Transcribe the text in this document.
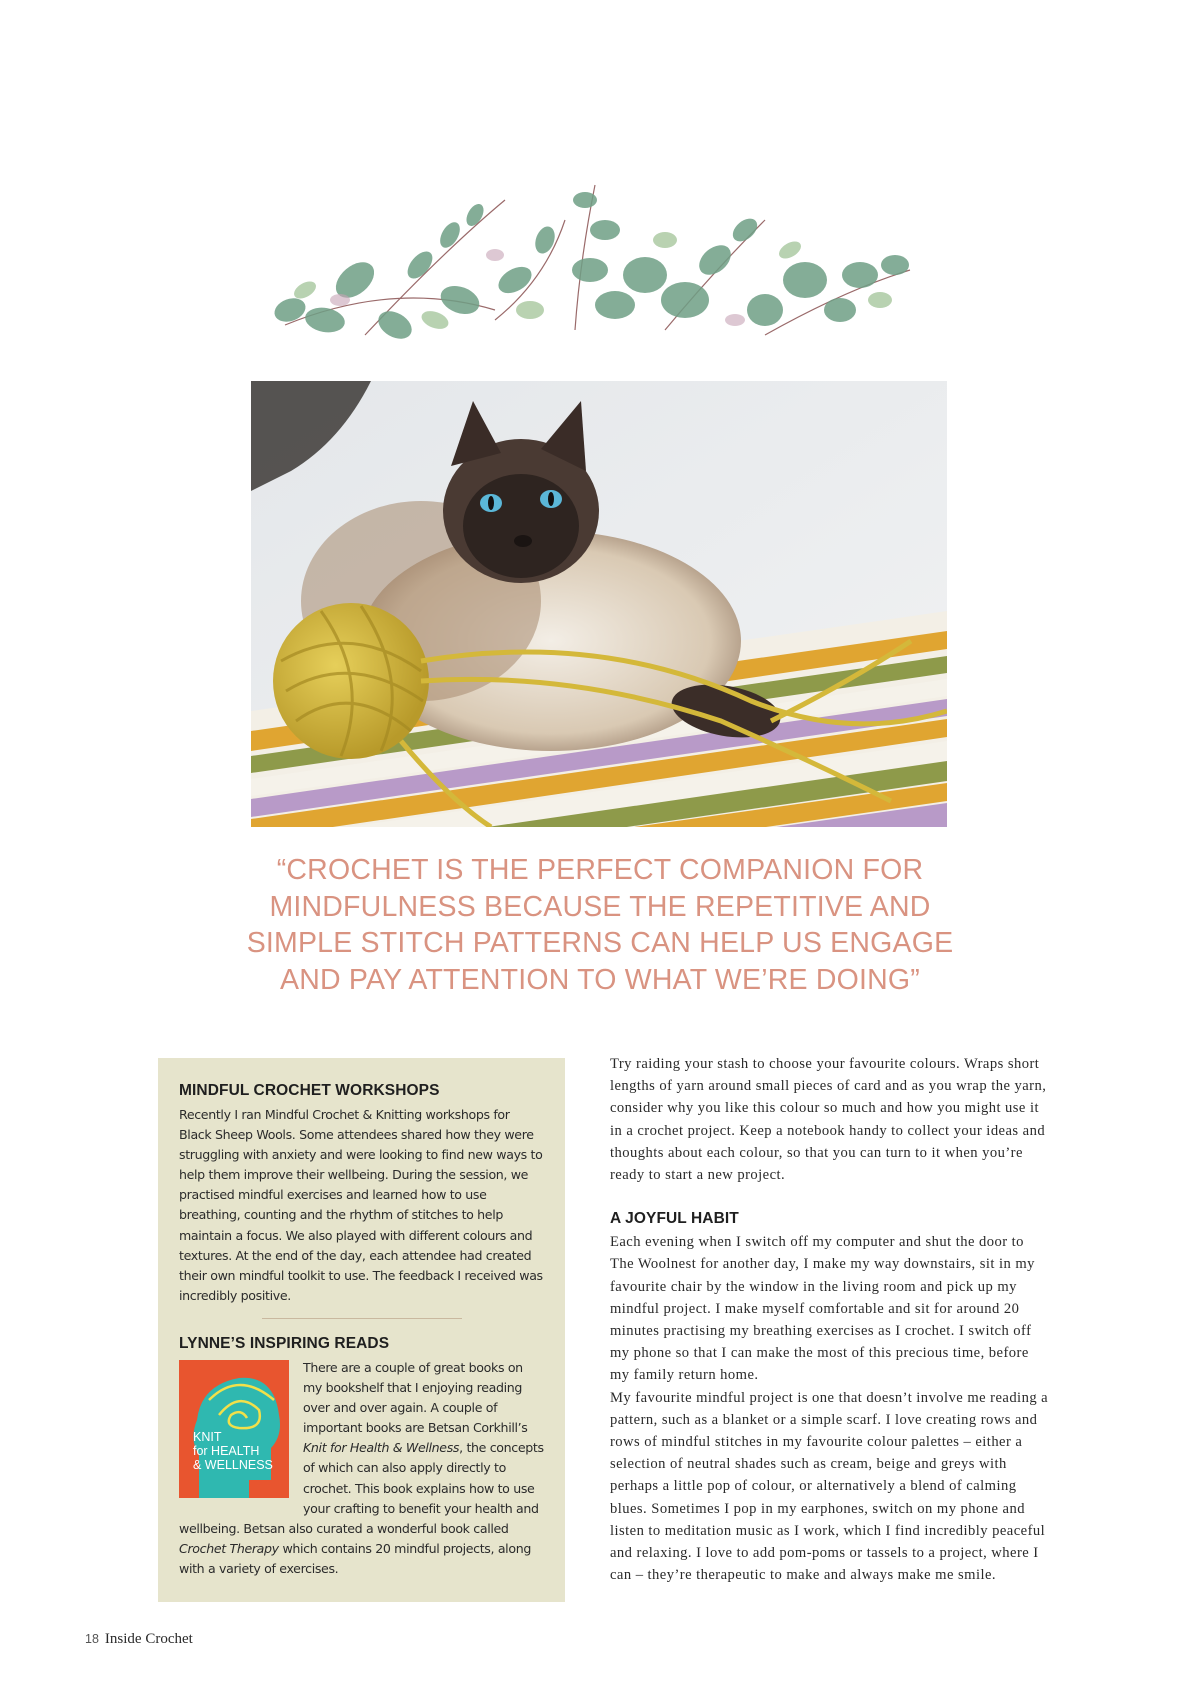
“CROCHET IS THE PERFECT COMPANION FOR MINDFULNESS BECAUSE THE REPETITIVE AND SIMPLE STITCH PATTERNS CAN HELP US ENGAGE AND PAY ATTENTION TO WHAT WE’RE DOING”

MINDFUL CROCHET WORKSHOPS

Recently I ran Mindful Crochet & Knitting workshops for Black Sheep Wools. Some attendees shared how they were struggling with anxiety and were looking to find new ways to help them improve their wellbeing. During the session, we practised mindful exercises and learned how to use breathing, counting and the rhythm of stitches to help maintain a focus. We also played with different colours and textures. At the end of the day, each attendee had created their own mindful toolkit to use. The feedback I received was incredibly positive.

LYNNE’S INSPIRING READS
KNIT
for HEALTH
& WELLNESS

There are a couple of great books on my bookshelf that I enjoying reading over and over again. A couple of important books are Betsan Corkhill’s Knit for Health & Wellness, the concepts of which can also apply directly to crochet. This book explains how to use your crafting to benefit your health and wellbeing. Betsan also curated a wonderful book called Crochet Therapy which contains 20 mindful projects, along with a variety of exercises.

Try raiding your stash to choose your favourite colours. Wraps short lengths of yarn around small pieces of card and as you wrap the yarn, consider why you like this colour so much and how you might use it in a crochet project. Keep a notebook handy to collect your ideas and thoughts about each colour, so that you can turn to it when you’re ready to start a new project.

A JOYFUL HABIT

Each evening when I switch off my computer and shut the door to The Woolnest for another day, I make my way downstairs, sit in my favourite chair by the window in the living room and pick up my mindful project. I make myself comfortable and sit for around 20 minutes practising my breathing exercises as I crochet. I switch off my phone so that I can make the most of this precious time, before my family return home.

My favourite mindful project is one that doesn’t involve me reading a pattern, such as a blanket or a simple scarf. I love creating rows and rows of mindful stitches in my favourite colour palettes – either a selection of neutral shades such as cream, beige and greys with perhaps a little pop of colour, or alternatively a blend of calming blues. Sometimes I pop in my earphones, switch on my phone and listen to meditation music as I work, which I find incredibly peaceful and relaxing. I love to add pom-poms or tassels to a project, where I can – they’re therapeutic to make and always make me smile.

18 Inside Crochet
